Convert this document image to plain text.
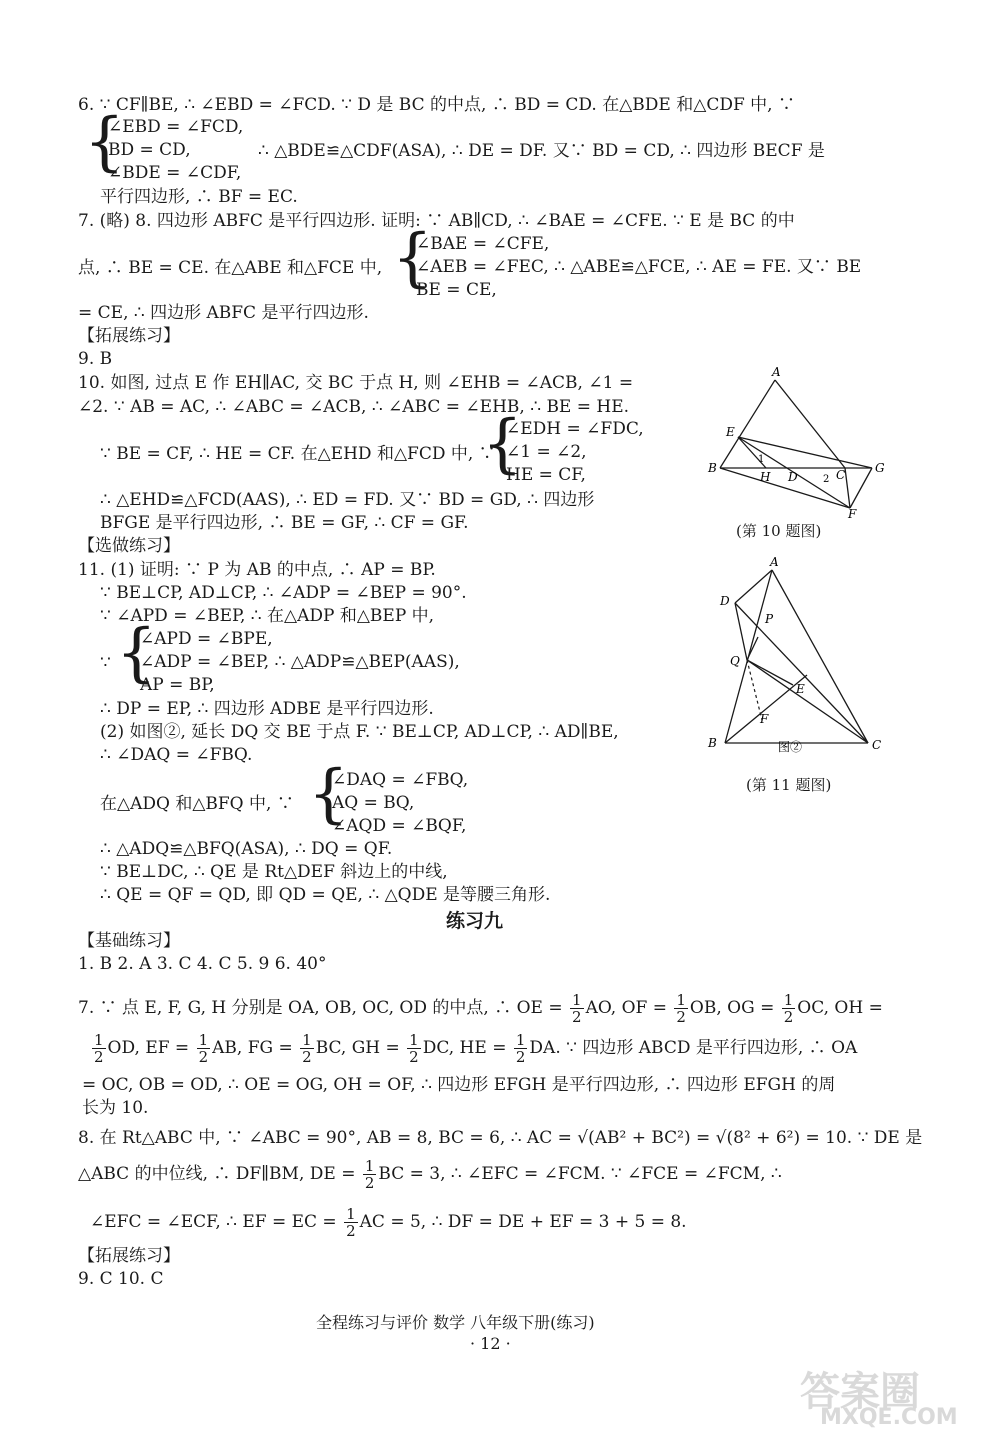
6. ∵ CF∥BE, ∴ ∠EBD = ∠FCD. ∵ D 是 BC 的中点, ∴ BD = CD. 在△BDE 和△CDF 中, ∵
{
∠EBD = ∠FCD,
BD = CD,
∠BDE = ∠CDF,
∴ △BDE≌△CDF(ASA), ∴ DE = DF. 又∵ BD = CD, ∴ 四边形 BECF 是
平行四边形, ∴ BF = EC.
7. (略) 8. 四边形 ABFC 是平行四边形. 证明: ∵ AB∥CD, ∴ ∠BAE = ∠CFE. ∵ E 是 BC 的中
点, ∴ BE = CE. 在△ABE 和△FCE 中, {
∠BAE = ∠CFE,
∠AEB = ∠FEC, ∴ △ABE≌△FCE, ∴ AE = FE. 又∵ BE
BE = CE,
= CE, ∴ 四边形 ABFC 是平行四边形.
【拓展练习】
9. B
10. 如图, 过点 E 作 EH∥AC, 交 BC 于点 H, 则 ∠EHB = ∠ACB, ∠1 =
∠2. ∵ AB = AC, ∴ ∠ABC = ∠ACB, ∴ ∠ABC = ∠EHB, ∴ BE = HE.
∵ BE = CF, ∴ HE = CF. 在△EHD 和△FCD 中, ∵
{
∠EDH = ∠FDC,
∠1 = ∠2,
HE = CF,
∴ △EHD≌△FCD(AAS), ∴ ED = FD. 又∵ BD = GD, ∴ 四边形
BFGE 是平行四边形, ∴ BE = GF, ∴ CF = GF.
A
E
B
H D	C G
F
1
2
(第 10 题图)
【选做练习】
11. (1) 证明: ∵ P 为 AB 的中点, ∴ AP = BP.
∵ BE⊥CP, AD⊥CP, ∴ ∠ADP = ∠BEP = 90°.
∵ ∠APD = ∠BEP, ∴ 在△ADP 和△BEP 中,
∵ {
∠APD = ∠BPE,
∠ADP = ∠BEP, ∴ △ADP≌△BEP(AAS),
AP = BP,
∴ DP = EP, ∴ 四边形 ADBE 是平行四边形.
(2) 如图②, 延长 DQ 交 BE 于点 F. ∵ BE⊥CP, AD⊥CP, ∴ AD∥BE,
∴ ∠DAQ = ∠FBQ.
在△ADQ 和△BFQ 中, ∵ {
∠DAQ = ∠FBQ,
AQ = BQ,
∠AQD = ∠BQF,
∴ △ADQ≌△BFQ(ASA), ∴ DQ = QF.
∵ BE⊥DC, ∴ QE 是 Rt△DEF 斜边上的中线,
∴ QE = QF = QD, 即 QD = QE, ∴ △QDE 是等腰三角形.
A
D
P
Q
E
F
B	C
图②
(第 11 题图)
练习九
【基础练习】
1. B 2. A 3. C 4. C 5. 9 6. 40°
7. ∵ 点 E, F, G, H 分别是 OA, OB, OC, OD 的中点, ∴ OE = $\frac{1}{2}$ AO, OF = $\frac{1}{2}$ OB, OG = $\frac{1}{2}$ OC, OH =
$\frac{1}{2}$ OD, EF = $\frac{1}{2}$ AB, FG = $\frac{1}{2}$ BC, GH = $\frac{1}{2}$ DC, HE = $\frac{1}{2}$ DA. ∵ 四边形 ABCD 是平行四边形, ∴ OA
= OC, OB = OD, ∴ OE = OG, OH = OF, ∴ 四边形 EFGH 是平行四边形, ∴ 四边形 EFGH 的周
长为 10.
8. 在 Rt△ABC 中, ∵ ∠ABC = 90°, AB = 8, BC = 6, ∴ AC = √(AB² + BC²) = √(8² + 6²) = 10. ∵ DE 是
△ABC 的中位线, ∴ DF∥BM, DE = $\frac{1}{2}$ BC = 3, ∴ ∠EFC = ∠FCM. ∵ ∠FCE = ∠FCM, ∴
∠EFC = ∠ECF, ∴ EF = EC = $\frac{1}{2}$ AC = 5, ∴ DF = DE + EF = 3 + 5 = 8.
【拓展练习】
9. C 10. C
全程练习与评价 数学 八年级下册(练习)
· 12 ·
答案圈
MXQE.COM
